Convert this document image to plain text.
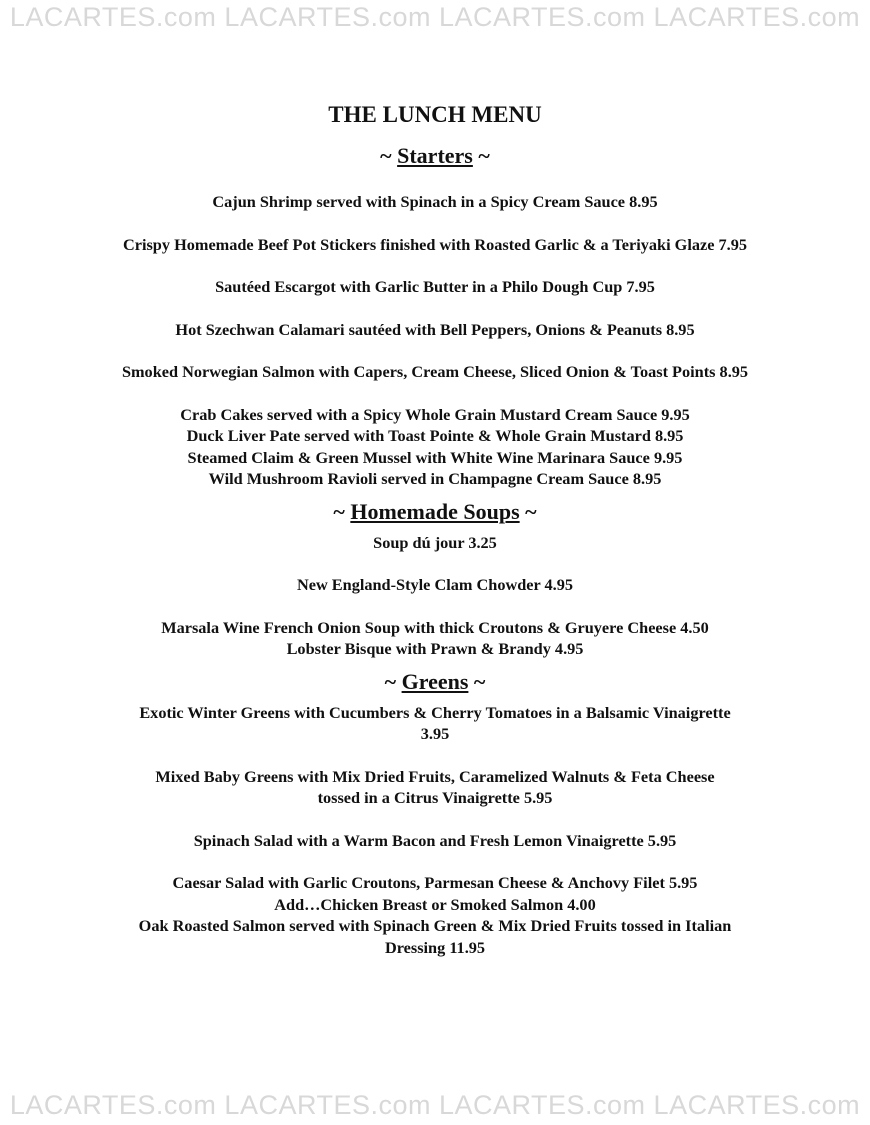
LACARTES.com LACARTES.com LACARTES.com LACARTES.com
THE LUNCH MENU
~ Starters ~
Cajun Shrimp served with Spinach in a Spicy Cream Sauce 8.95
Crispy Homemade Beef Pot Stickers finished with Roasted Garlic & a Teriyaki Glaze 7.95
Sautéed Escargot with Garlic Butter in a Philo Dough Cup 7.95
Hot Szechwan Calamari sautéed with Bell Peppers, Onions & Peanuts 8.95
Smoked Norwegian Salmon with Capers, Cream Cheese, Sliced Onion & Toast Points 8.95
Crab Cakes served with a Spicy Whole Grain Mustard Cream Sauce 9.95
Duck Liver Pate served with Toast Pointe & Whole Grain Mustard 8.95
Steamed Claim & Green Mussel with White Wine Marinara Sauce 9.95
Wild Mushroom Ravioli served in Champagne Cream Sauce 8.95
~ Homemade Soups ~
Soup dú jour 3.25
New England-Style Clam Chowder 4.95
Marsala Wine French Onion Soup with thick Croutons & Gruyere Cheese 4.50
Lobster Bisque with Prawn & Brandy 4.95
~ Greens ~
Exotic Winter Greens with Cucumbers & Cherry Tomatoes in a Balsamic Vinaigrette 3.95
Mixed Baby Greens with Mix Dried Fruits, Caramelized Walnuts & Feta Cheese tossed in a Citrus Vinaigrette 5.95
Spinach Salad with a Warm Bacon and Fresh Lemon Vinaigrette 5.95
Caesar Salad with Garlic Croutons, Parmesan Cheese & Anchovy Filet 5.95
Add…Chicken Breast or Smoked Salmon 4.00
Oak Roasted Salmon served with Spinach Green & Mix Dried Fruits tossed in Italian Dressing 11.95
LACARTES.com LACARTES.com LACARTES.com LACARTES.com
